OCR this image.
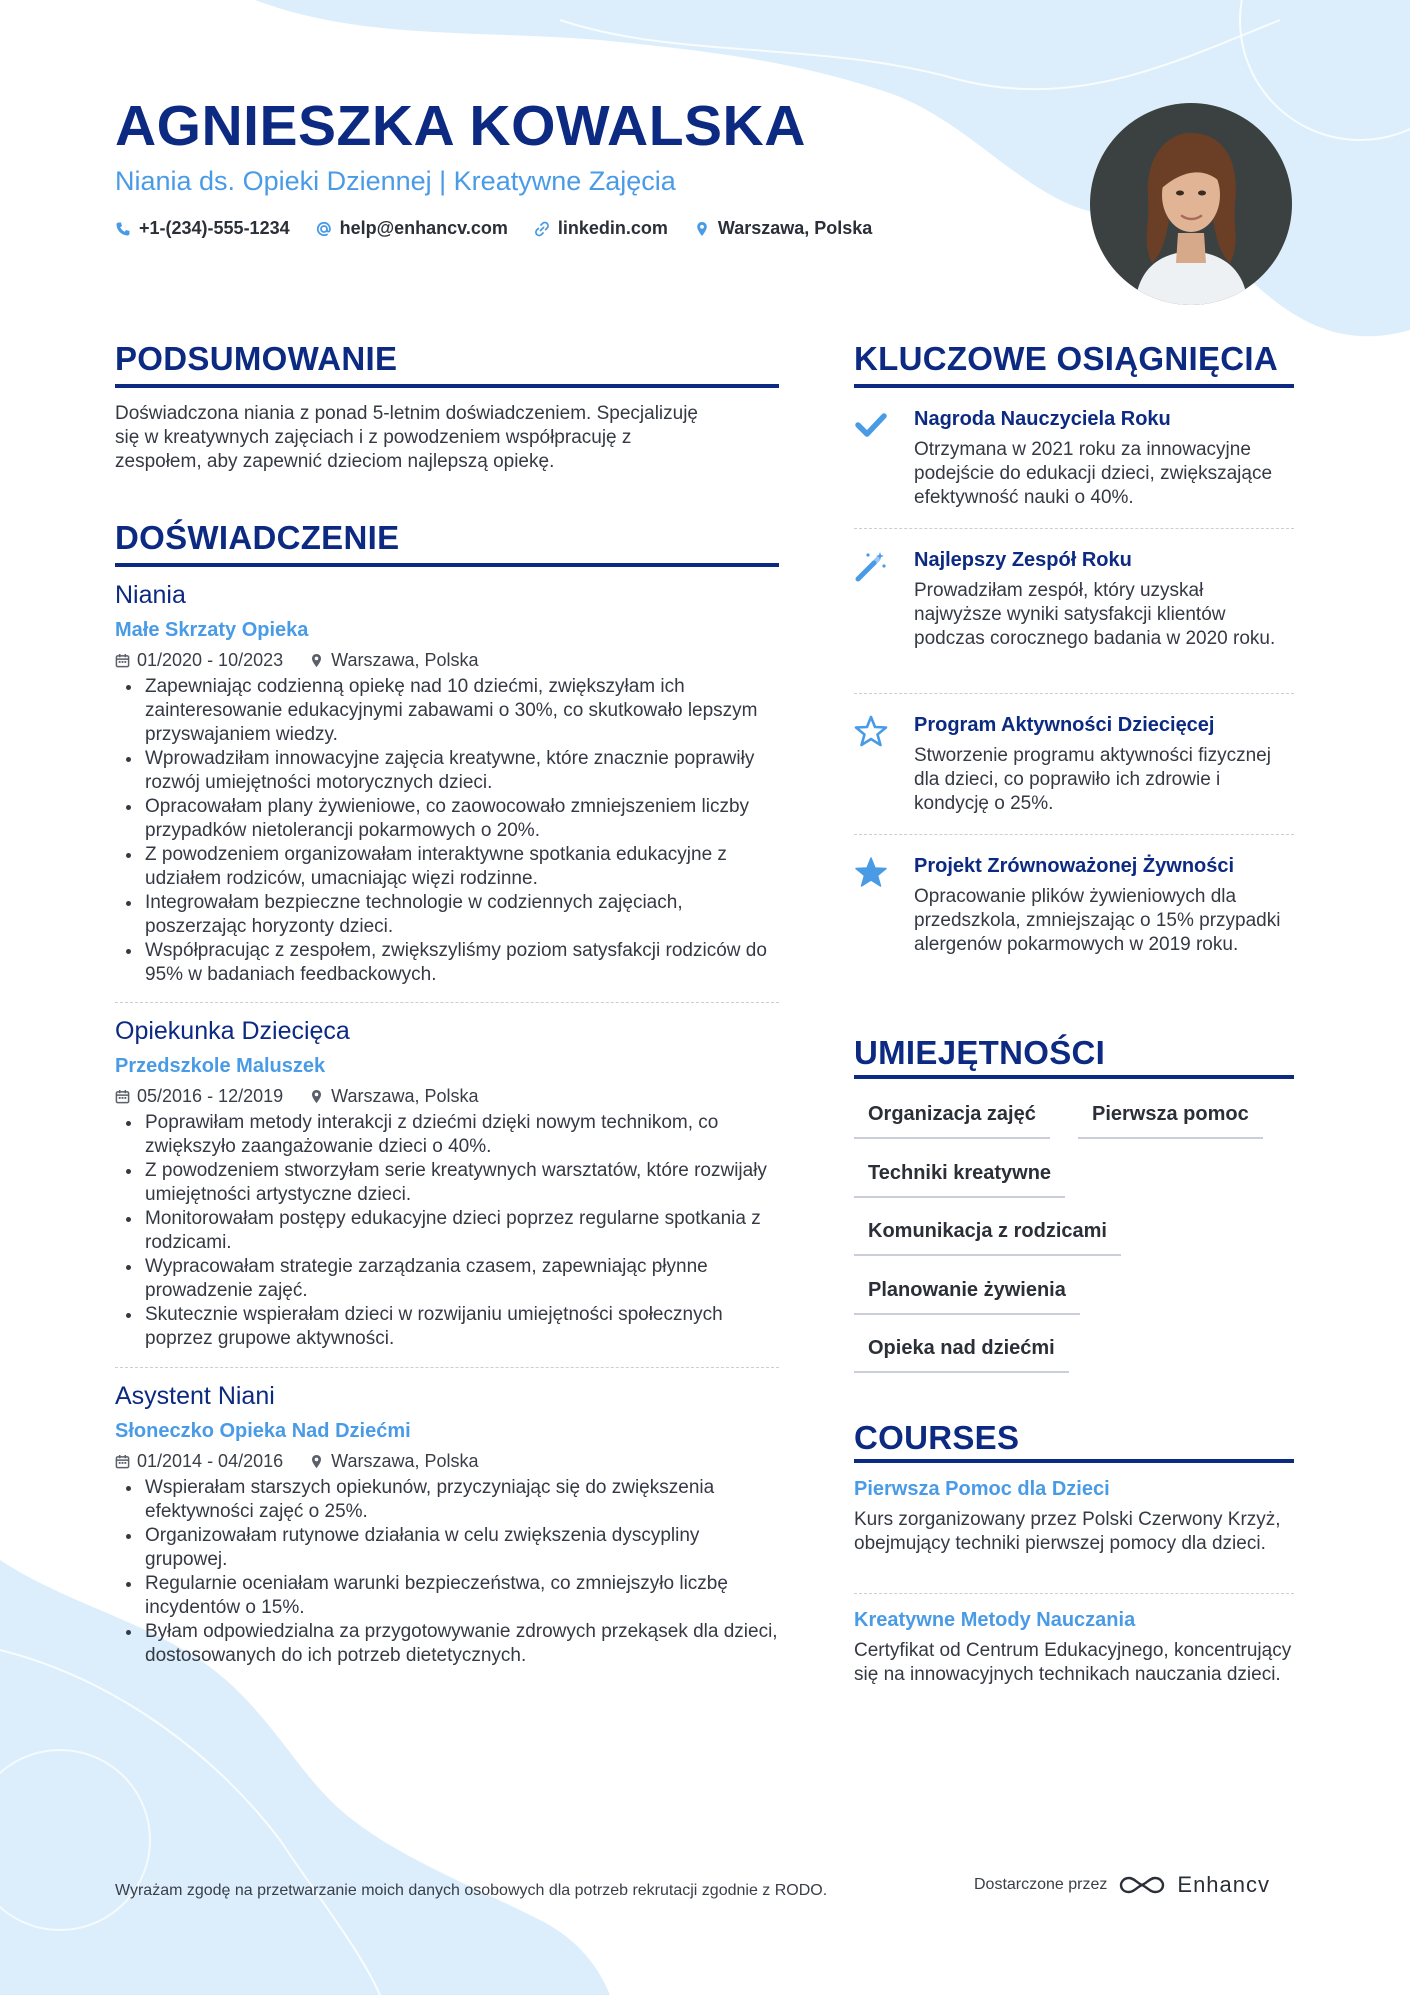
AGNIESZKA KOWALSKA
Niania ds. Opieki Dziennej | Kreatywne Zajęcia
+1-(234)-555-1234	help@enhancv.com	linkedin.com	Warszawa, Polska
PODSUMOWANIE
Doświadczona niania z ponad 5-letnim doświadczeniem. Specjalizuję
się w kreatywnych zajęciach i z powodzeniem współpracuję z
zespołem, aby zapewnić dzieciom najlepszą opiekę.
DOŚWIADCZENIE
Niania
Małe Skrzaty Opieka
01/2020 - 10/2023	Warszawa, Polska
• Zapewniając codzienną opiekę nad 10 dziećmi, zwiększyłam ich zainteresowanie edukacyjnymi zabawami o 30%, co skutkowało lepszym przyswajaniem wiedzy.
• Wprowadziłam innowacyjne zajęcia kreatywne, które znacznie poprawiły rozwój umiejętności motorycznych dzieci.
• Opracowałam plany żywieniowe, co zaowocowało zmniejszeniem liczby przypadków nietolerancji pokarmowych o 20%.
• Z powodzeniem organizowałam interaktywne spotkania edukacyjne z udziałem rodziców, umacniając więzi rodzinne.
• Integrowałam bezpieczne technologie w codziennych zajęciach, poszerzając horyzonty dzieci.
• Współpracując z zespołem, zwiększyliśmy poziom satysfakcji rodziców do 95% w badaniach feedbackowych.
Opiekunka Dziecięca
Przedszkole Maluszek
05/2016 - 12/2019	Warszawa, Polska
• Poprawiłam metody interakcji z dziećmi dzięki nowym technikom, co zwiększyło zaangażowanie dzieci o 40%.
• Z powodzeniem stworzyłam serie kreatywnych warsztatów, które rozwijały umiejętności artystyczne dzieci.
• Monitorowałam postępy edukacyjne dzieci poprzez regularne spotkania z rodzicami.
• Wypracowałam strategie zarządzania czasem, zapewniając płynne prowadzenie zajęć.
• Skutecznie wspierałam dzieci w rozwijaniu umiejętności społecznych poprzez grupowe aktywności.
Asystent Niani
Słoneczko Opieka Nad Dziećmi
01/2014 - 04/2016	Warszawa, Polska
• Wspierałam starszych opiekunów, przyczyniając się do zwiększenia efektywności zajęć o 25%.
• Organizowałam rutynowe działania w celu zwiększenia dyscypliny grupowej.
• Regularnie oceniałam warunki bezpieczeństwa, co zmniejszyło liczbę incydentów o 15%.
• Byłam odpowiedzialna za przygotowywanie zdrowych przekąsek dla dzieci, dostosowanych do ich potrzeb dietetycznych.
KLUCZOWE OSIĄGNIĘCIA
Nagroda Nauczyciela Roku
Otrzymana w 2021 roku za innowacyjne podejście do edukacji dzieci, zwiększające efektywność nauki o 40%.
Najlepszy Zespół Roku
Prowadziłam zespół, który uzyskał najwyższe wyniki satysfakcji klientów podczas corocznego badania w 2020 roku.
Program Aktywności Dziecięcej
Stworzenie programu aktywności fizycznej dla dzieci, co poprawiło ich zdrowie i kondycję o 25%.
Projekt Zrównoważonej Żywności
Opracowanie plików żywieniowych dla przedszkola, zmniejszając o 15% przypadki alergenów pokarmowych w 2019 roku.
UMIEJĘTNOŚCI
Organizacja zajęć	Pierwsza pomoc
Techniki kreatywne
Komunikacja z rodzicami
Planowanie żywienia
Opieka nad dziećmi
COURSES
Pierwsza Pomoc dla Dzieci
Kurs zorganizowany przez Polski Czerwony Krzyż, obejmujący techniki pierwszej pomocy dla dzieci.
Kreatywne Metody Nauczania
Certyfikat od Centrum Edukacyjnego, koncentrujący się na innowacyjnych technikach nauczania dzieci.
Wyrażam zgodę na przetwarzanie moich danych osobowych dla potrzeb rekrutacji zgodnie z RODO.	Dostarczone przez	Enhancv
